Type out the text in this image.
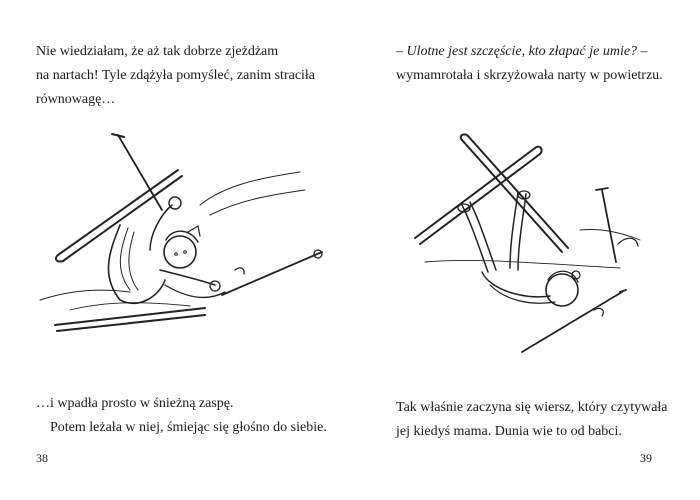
Nie wiedziałam, że aż tak dobrze zjeżdżam
na nartach! Tyle zdążyła pomyśleć, zanim straciła
równowagę…
…i wpadła prosto w śnieżną zaspę.
Potem leżała w niej, śmiejąc się głośno do siebie.
38
– Ulotne jest szczęście, kto złapać je umie? –
wymamrotała i skrzyżowała narty w powietrzu.
Tak właśnie zaczyna się wiersz, który czytywała
jej kiedyś mama. Dunia wie to od babci.
39
